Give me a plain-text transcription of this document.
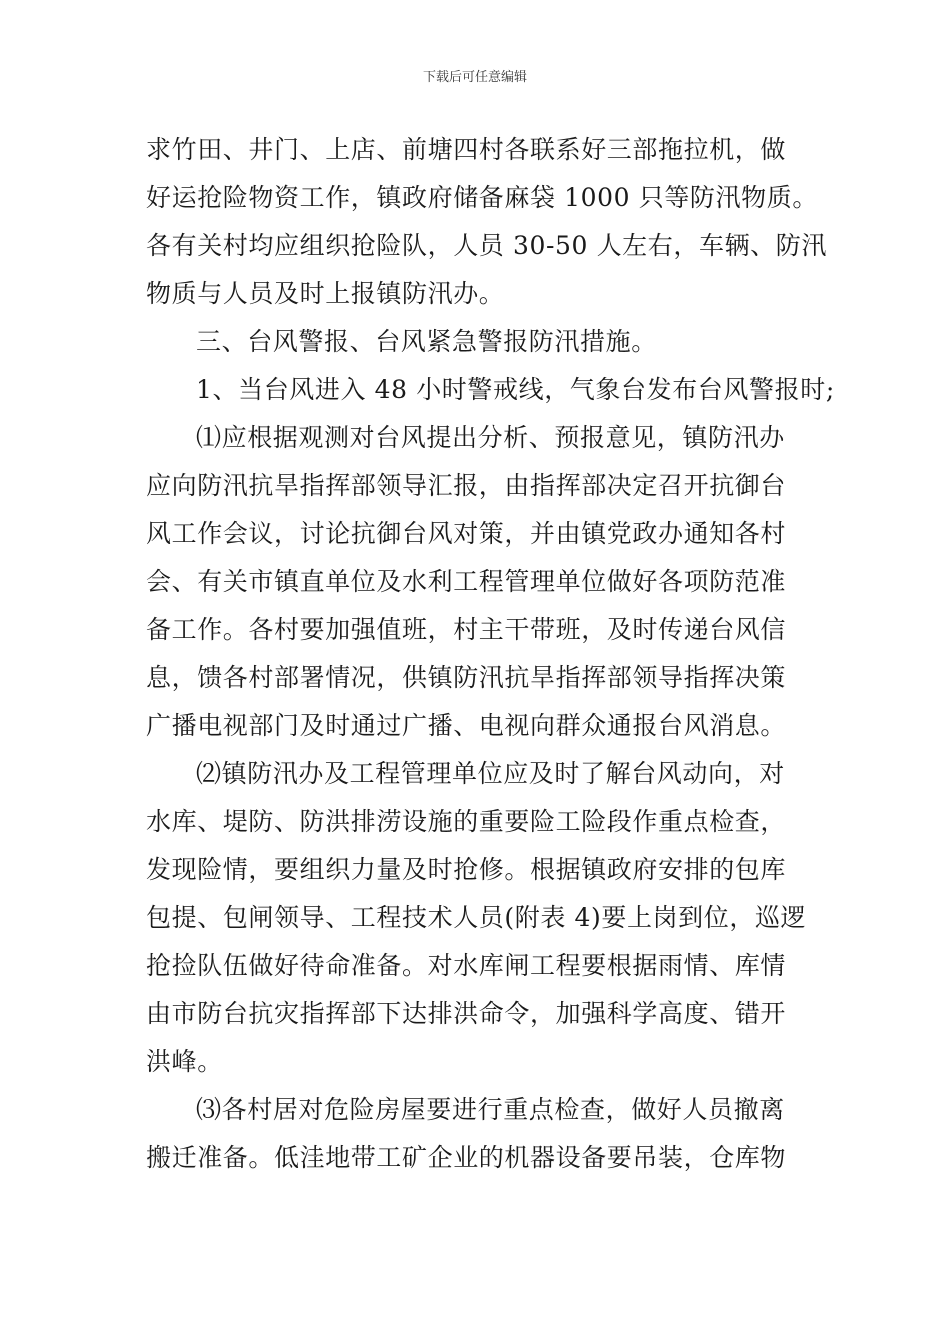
下载后可任意编辑
求竹田、井门、上店、前塘四村各联系好三部拖拉机，做
好运抢险物资工作，镇政府储备麻袋 1000 只等防汛物质。
各有关村均应组织抢险队，人员 30-50 人左右，车辆、防汛
物质与人员及时上报镇防汛办。
三、台风警报、台风紧急警报防汛措施。
1、当台风进入 48 小时警戒线，气象台发布台风警报时;
⑴应根据观测对台风提出分析、预报意见，镇防汛办
应向防汛抗旱指挥部领导汇报，由指挥部决定召开抗御台
风工作会议，讨论抗御台风对策，并由镇党政办通知各村
会、有关市镇直单位及水利工程管理单位做好各项防范准
备工作。各村要加强值班，村主干带班，及时传递台风信
息，馈各村部署情况，供镇防汛抗旱指挥部领导指挥决策
广播电视部门及时通过广播、电视向群众通报台风消息。
⑵镇防汛办及工程管理单位应及时了解台风动向，对
水库、堤防、防洪排涝设施的重要险工险段作重点检查，
发现险情，要组织力量及时抢修。根据镇政府安排的包库
包提、包闸领导、工程技术人员(附表 4)要上岗到位，巡逻
抢捡队伍做好待命准备。对水库闸工程要根据雨情、库情
由市防台抗灾指挥部下达排洪命令，加强科学高度、错开
洪峰。
⑶各村居对危险房屋要进行重点检查，做好人员撤离
搬迁准备。低洼地带工矿企业的机器设备要吊装，仓库物
